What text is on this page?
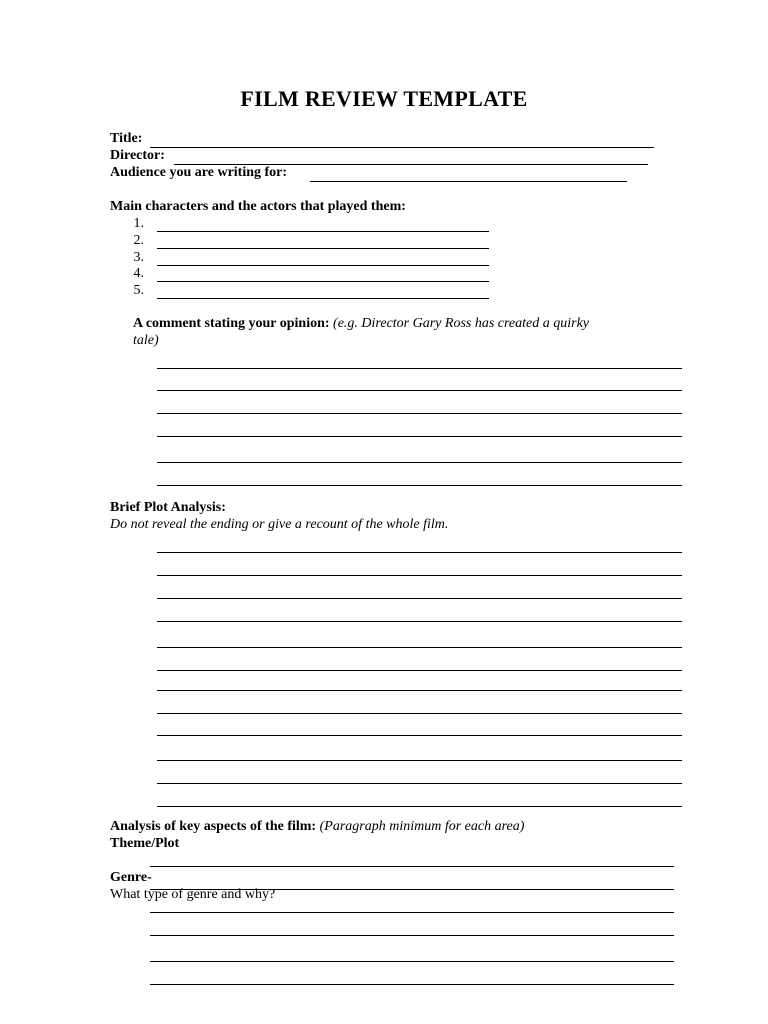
FILM REVIEW TEMPLATE
Title:
Director:
Audience you are writing for:
Main characters and the actors that played them:
1.
2.
3.
4.
5.
A comment stating your opinion: (e.g. Director Gary Ross has created a quirky
tale)
Brief Plot Analysis:
Do not reveal the ending or give a recount of the whole film.
Analysis of key aspects of the film: (Paragraph minimum for each area)
Theme/Plot
Genre-
What type of genre and why?
